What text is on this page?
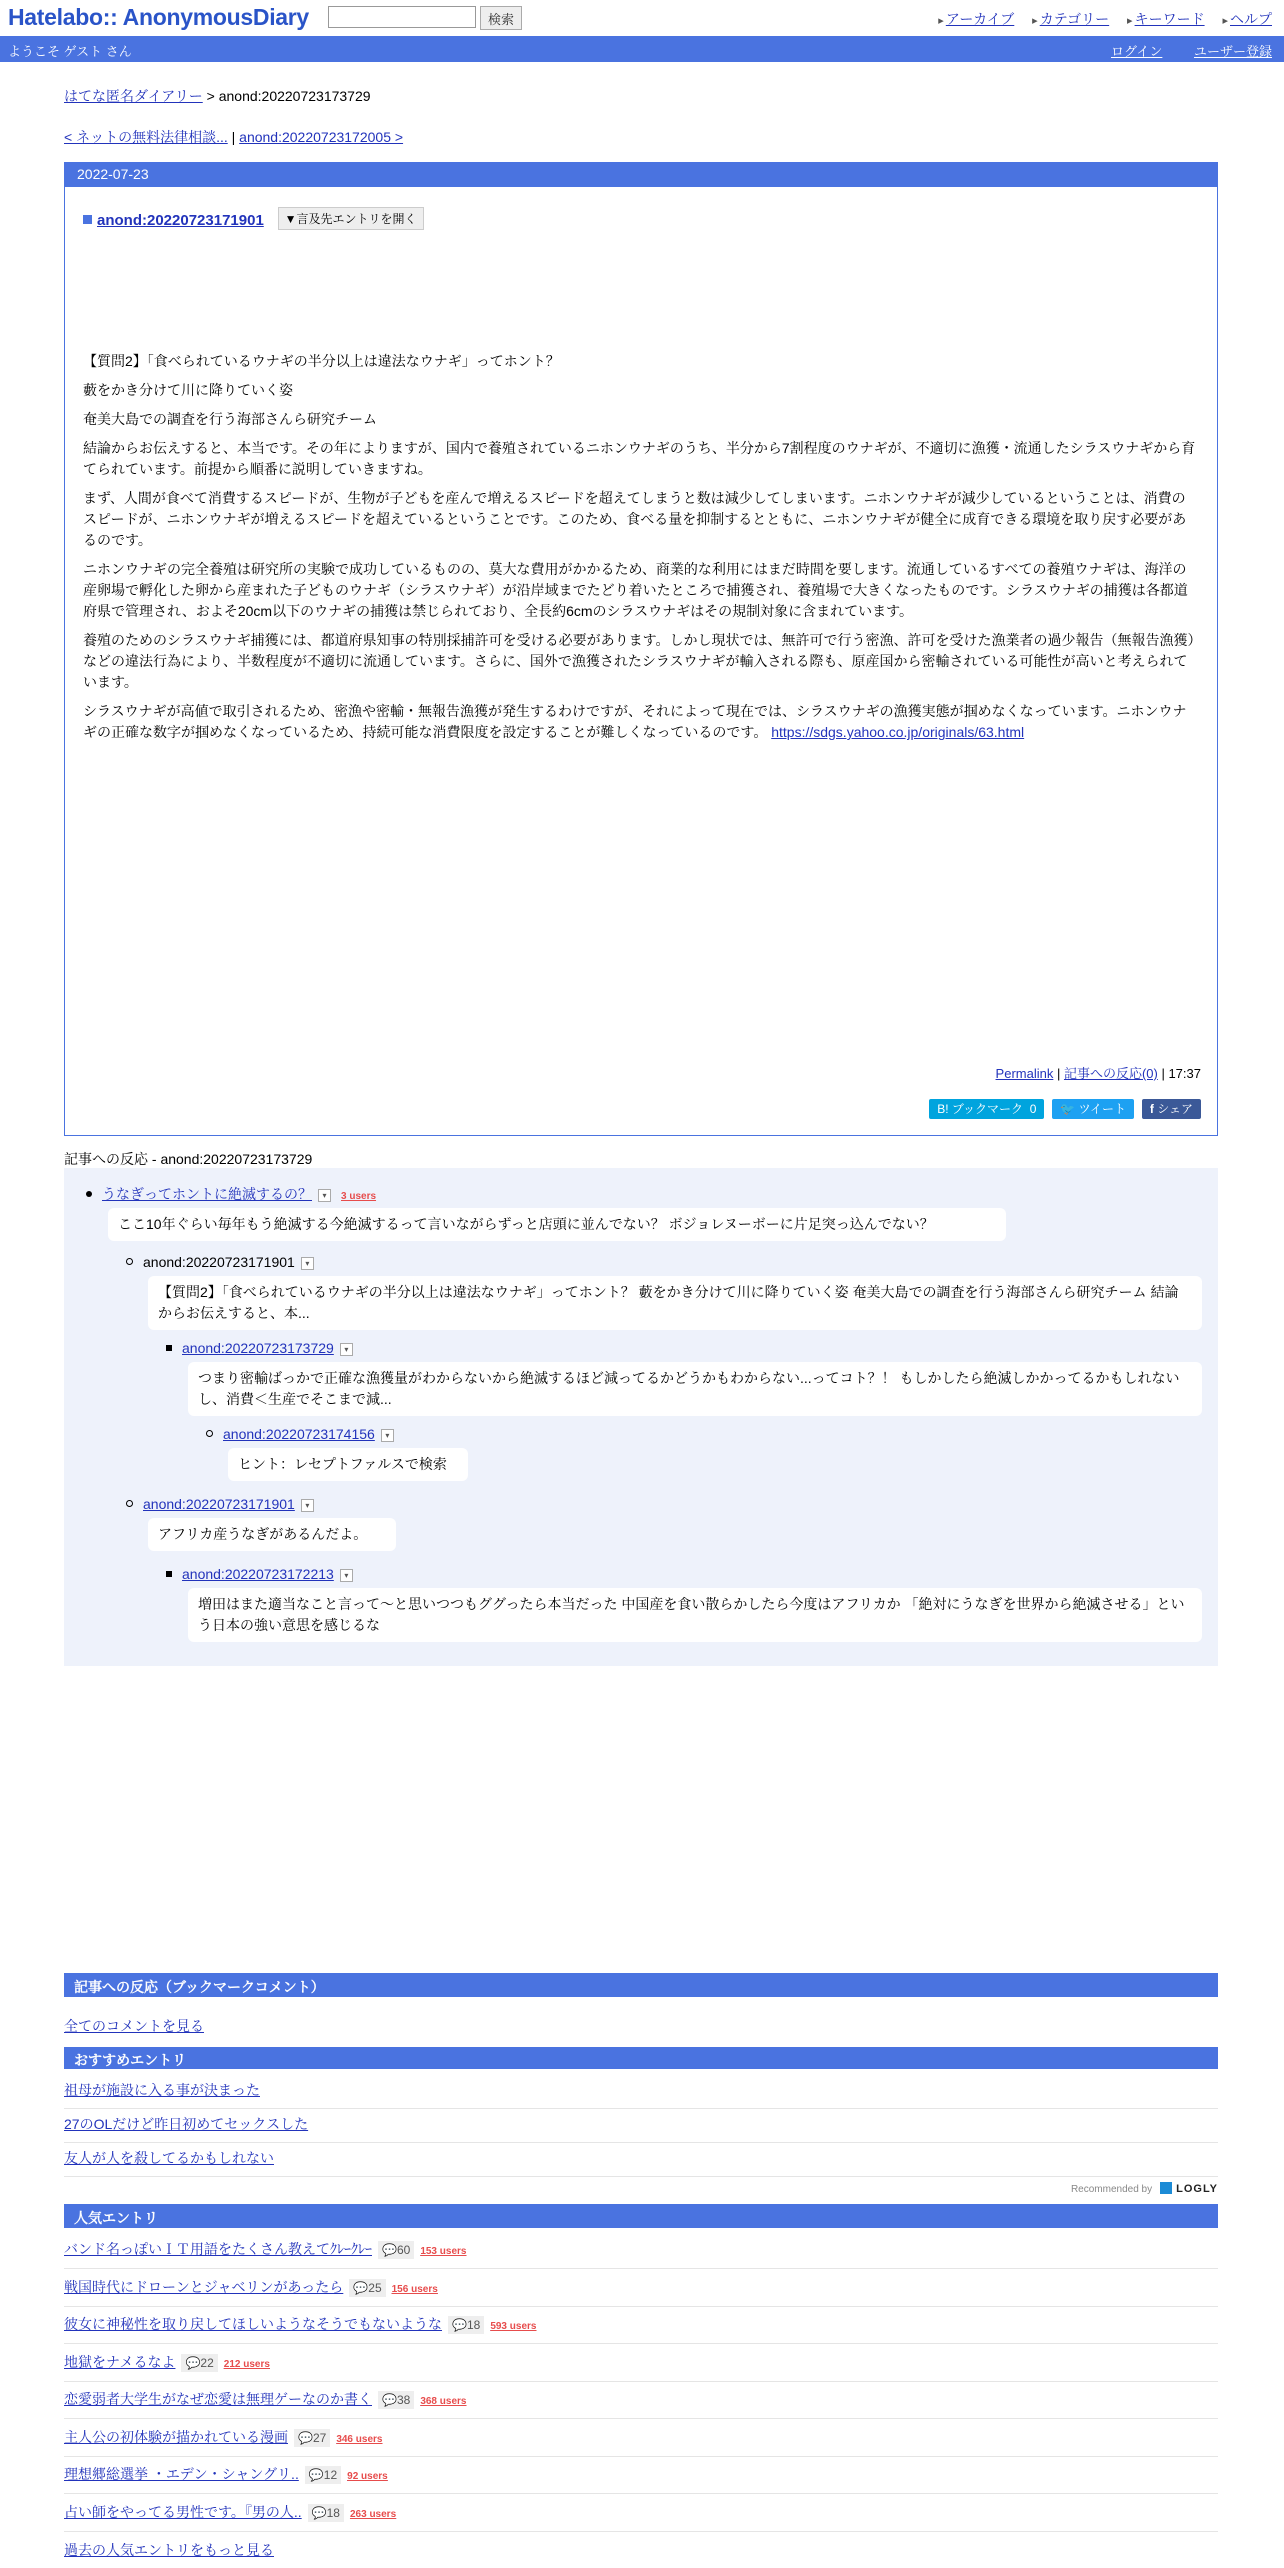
Hatelabo:: AnonymousDiary	検索	▸ アーカイブ ▸ カテゴリー ▸ キーワード ▸ ヘルプ
ようこそ ゲスト さん	ログイン ユーザー登録
はてな匿名ダイアリー > anond:20220723173729
< ネットの無料法律相談... | anond:20220723172005 >
2022-07-23
anond:20220723171901 ▼言及先エントリを開く

【質問2】「食べられているウナギの半分以上は違法なウナギ」ってホント？

藪をかき分けて川に降りていく姿

奄美大島での調査を行う海部さんら研究チーム

結論からお伝えすると、本当です。その年によりますが、国内で養殖されているニホンウナギのうち、半分から7割程度のウナギが、不適切に漁獲・流通したシラスウナギから育てられています。前提から順番に説明していきますね。

まず、人間が食べて消費するスピードが、生物が子どもを産んで増えるスピードを超えてしまうと数は減少してしまいます。ニホンウナギが減少しているということは、消費のスピードが、ニホンウナギが増えるスピードを超えているということです。このため、食べる量を抑制するとともに、ニホンウナギが健全に成育できる環境を取り戻す必要があるのです。

ニホンウナギの完全養殖は研究所の実験で成功しているものの、莫大な費用がかかるため、商業的な利用にはまだ時間を要します。流通しているすべての養殖ウナギは、海洋の産卵場で孵化した卵から産まれた子どものウナギ（シラスウナギ）が沿岸域までたどり着いたところで捕獲され、養殖場で大きくなったものです。シラスウナギの捕獲は各都道府県で管理され、およそ20cm以下のウナギの捕獲は禁じられており、全長約6cmのシラスウナギはその規制対象に含まれています。

養殖のためのシラスウナギ捕獲には、都道府県知事の特別採捕許可を受ける必要があります。しかし現状では、無許可で行う密漁、許可を受けた漁業者の過少報告（無報告漁獲）などの違法行為により、半数程度が不適切に流通しています。さらに、国外で漁獲されたシラスウナギが輸入される際も、原産国から密輸されている可能性が高いと考えられています。

シラスウナギが高値で取引されるため、密漁や密輸・無報告漁獲が発生するわけですが、それによって現在では、シラスウナギの漁獲実態が掴めなくなっています。ニホンウナギの正確な数字が掴めなくなっているため、持続可能な消費限度を設定することが難しくなっているのです。 https://sdgs.yahoo.co.jp/originals/63.html

Permalink | 記事への反応(0) | 17:37
B! ブックマーク 0 🐦 ツイート f シェア
記事への反応 - anond:20220723173729
うなぎってホントに絶滅するの？ ▾ 3 users
ここ10年ぐらい毎年もう絶滅する今絶滅するって言いながらずっと店頭に並んでない？ ボジョレヌーボーに片足突っ込んでない？
anond:20220723171901 ▾
【質問2】「食べられているウナギの半分以上は違法なウナギ」ってホント？ 藪をかき分けて川に降りていく姿 奄美大島での調査を行う海部さんら研究チーム 結論からお伝えすると、本...
anond:20220723173729 ▾
つまり密輸ばっかで正確な漁獲量がわからないから絶滅するほど減ってるかどうかもわからない...ってコト？！ もしかしたら絶滅しかかってるかもしれないし、消費＜生産でそこまで減...
anond:20220723174156 ▾
ヒント：レセプトファルスで検索
anond:20220723171901 ▾
アフリカ産うなぎがあるんだよ。
anond:20220723172213 ▾
増田はまた適当なこと言って～と思いつつもググったら本当だった 中国産を食い散らかしたら今度はアフリカか 「絶対にうなぎを世界から絶滅させる」という日本の強い意思を感じるな
記事への反応（ブックマークコメント）
全てのコメントを見る
おすすめエントリ
祖母が施設に入る事が決まった
27のOLだけど昨日初めてセックスした
友人が人を殺してるかもしれない
Recommended by LOGLY
人気エントリ
バンド名っぽいＩＴ用語をたくさん教えてｸﾚｰｸﾚｰ 💬60 153 users
戦国時代にドローンとジャベリンがあったら 💬25 156 users
彼女に神秘性を取り戻してほしいようなそうでもないような 💬18 593 users
地獄をナメるなよ 💬22 212 users
恋愛弱者大学生がなぜ恋愛は無理ゲーなのか書く 💬38 368 users
主人公の初体験が描かれている漫画 💬27 346 users
理想郷総選挙 ・エデン・シャングリ.. 💬12 92 users
占い師をやってる男性です。『男の人.. 💬18 263 users
過去の人気エントリをもっと見る
